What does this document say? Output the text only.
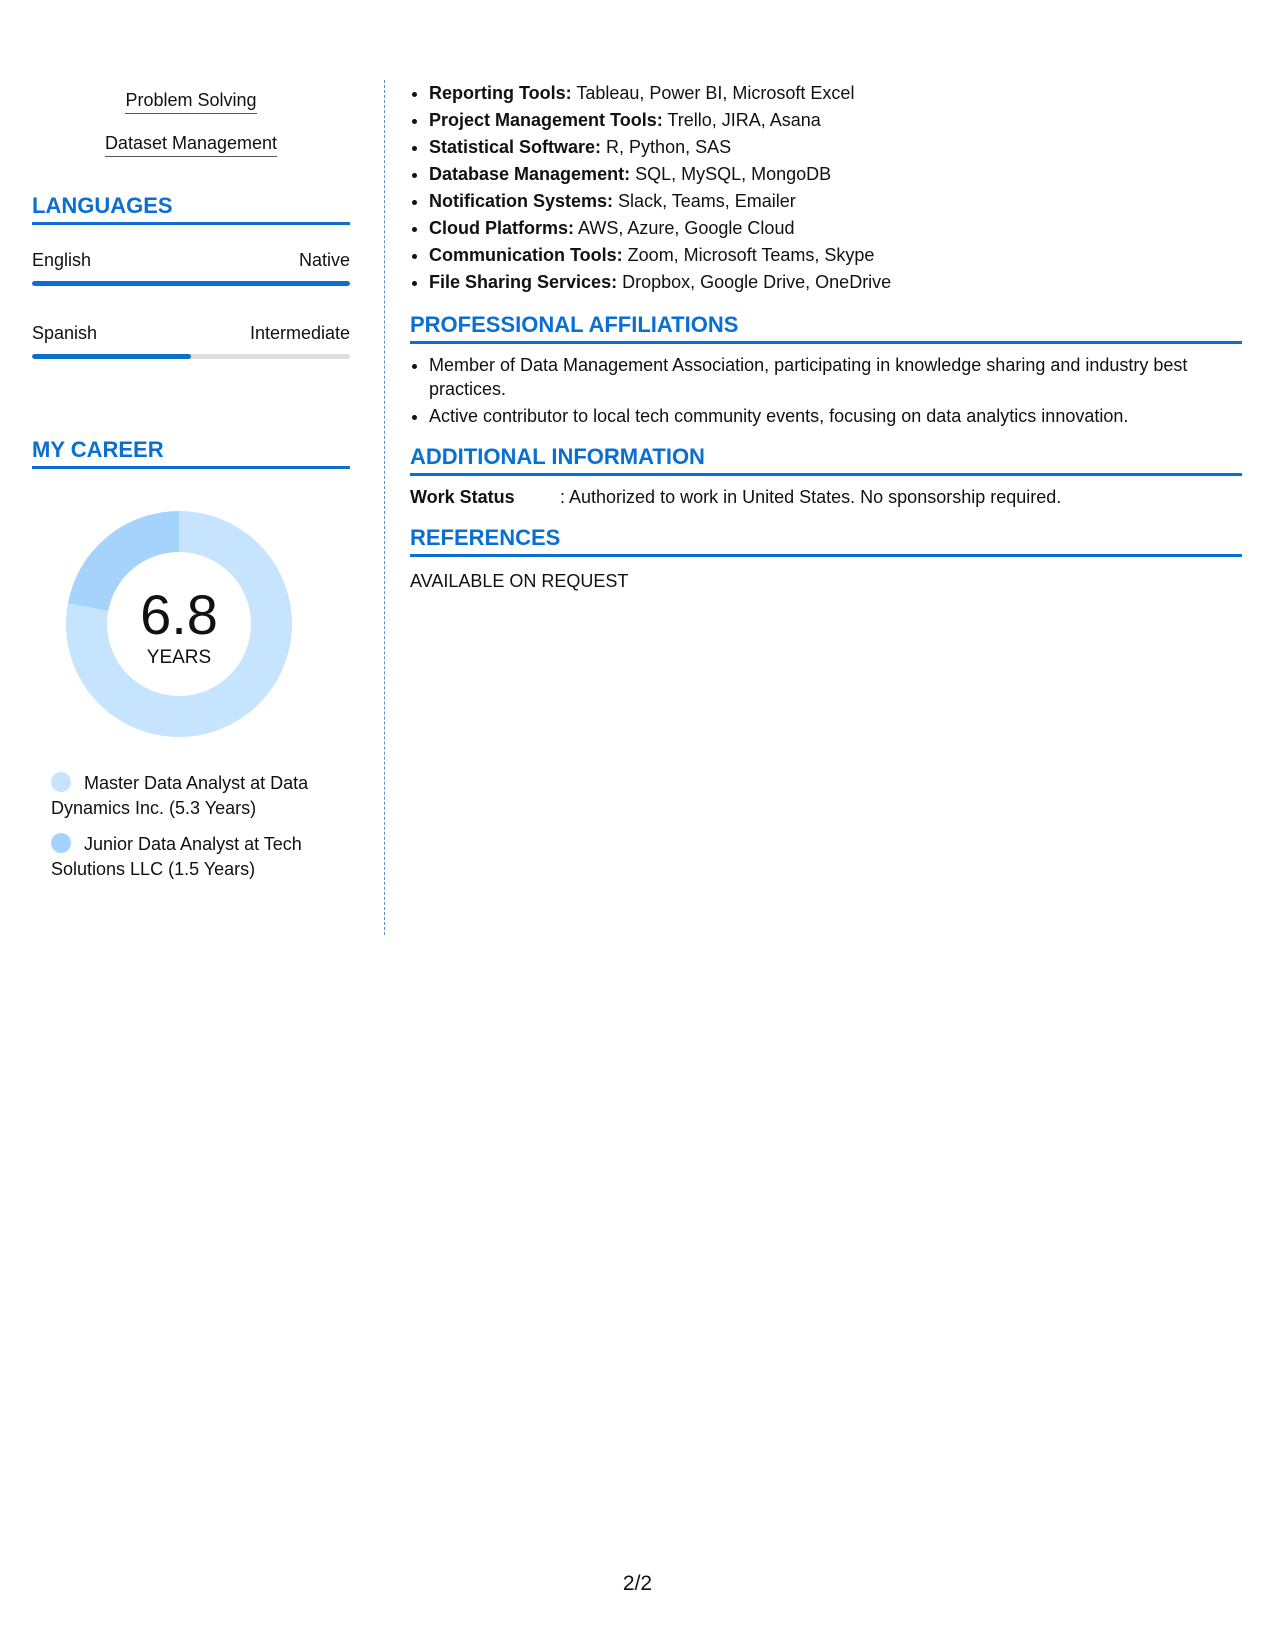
Problem Solving
Dataset Management
LANGUAGES
English	Native
Spanish	Intermediate
MY CAREER
6.8
YEARS
Master Data Analyst at Data Dynamics Inc. (5.3 Years)
Junior Data Analyst at Tech Solutions LLC (1.5 Years)
• Reporting Tools: Tableau, Power BI, Microsoft Excel
• Project Management Tools: Trello, JIRA, Asana
• Statistical Software: R, Python, SAS
• Database Management: SQL, MySQL, MongoDB
• Notification Systems: Slack, Teams, Emailer
• Cloud Platforms: AWS, Azure, Google Cloud
• Communication Tools: Zoom, Microsoft Teams, Skype
• File Sharing Services: Dropbox, Google Drive, OneDrive
PROFESSIONAL AFFILIATIONS
• Member of Data Management Association, participating in knowledge sharing and industry best practices.
• Active contributor to local tech community events, focusing on data analytics innovation.
ADDITIONAL INFORMATION
Work Status	: Authorized to work in United States. No sponsorship required.
REFERENCES
AVAILABLE ON REQUEST
2/2
